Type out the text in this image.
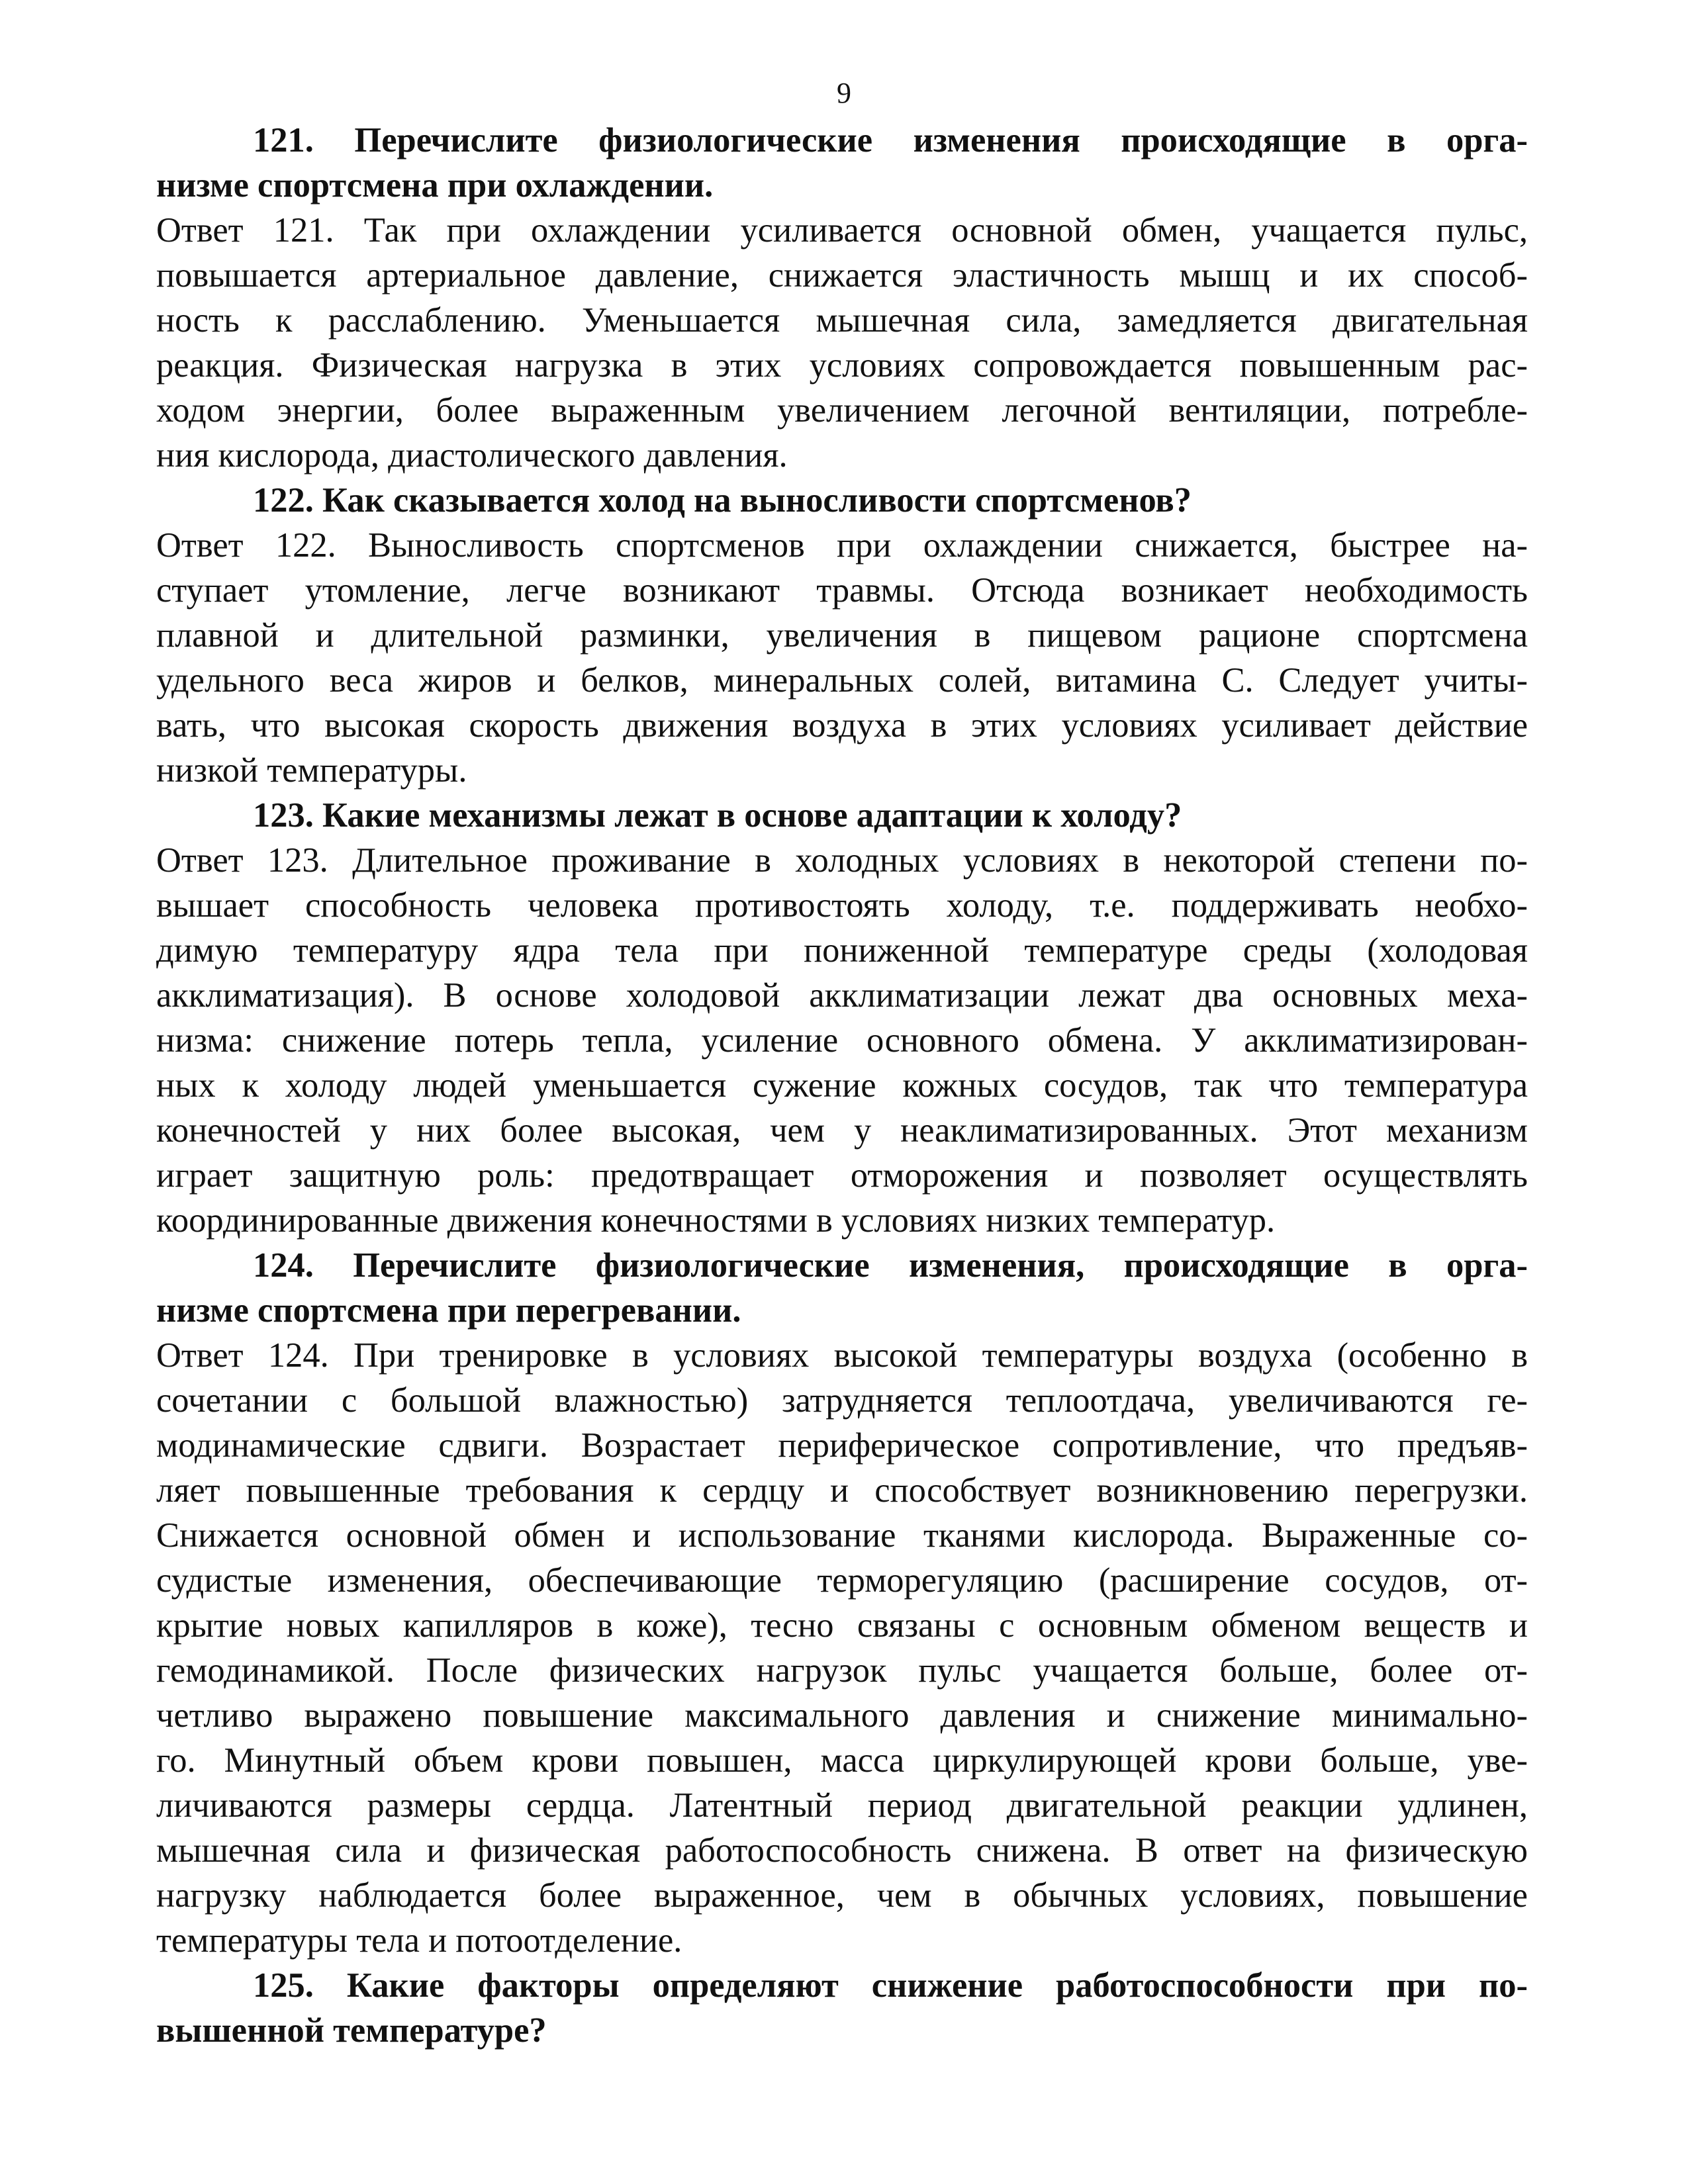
9
121. Перечислите физиологические изменения происходящие в орга-
низме спортсмена при охлаждении.
Ответ 121. Так при охлаждении усиливается основной обмен, учащается пульс,
повышается артериальное давление, снижается эластичность мышц и их способ-
ность к расслаблению. Уменьшается мышечная сила, замедляется двигательная
реакция. Физическая нагрузка в этих условиях сопровождается повышенным рас-
ходом энергии, более выраженным увеличением легочной вентиляции, потребле-
ния кислорода, диастолического давления.
122. Как сказывается холод на выносливости спортсменов?
Ответ 122. Выносливость спортсменов при охлаждении снижается, быстрее на-
ступает утомление, легче возникают травмы. Отсюда возникает необходимость
плавной и длительной разминки, увеличения в пищевом рационе спортсмена
удельного веса жиров и белков, минеральных солей, витамина С. Следует учиты-
вать, что высокая скорость движения воздуха в этих условиях усиливает действие
низкой температуры.
123. Какие механизмы лежат в основе адаптации к холоду?
Ответ 123. Длительное проживание в холодных условиях в некоторой степени по-
вышает способность человека противостоять холоду, т.е. поддерживать необхо-
димую температуру ядра тела при пониженной температуре среды (холодовая
акклиматизация). В основе холодовой акклиматизации лежат два основных меха-
низма: снижение потерь тепла, усиление основного обмена. У акклиматизирован-
ных к холоду людей уменьшается сужение кожных сосудов, так что температура
конечностей у них более высокая, чем у неаклиматизированных. Этот механизм
играет защитную роль: предотвращает отморожения и позволяет осуществлять
координированные движения конечностями в условиях низких температур.
124. Перечислите физиологические изменения, происходящие в орга-
низме спортсмена при перегревании.
Ответ 124. При тренировке в условиях высокой температуры воздуха (особенно в
сочетании с большой влажностью) затрудняется теплоотдача, увеличиваются ге-
модинамические сдвиги. Возрастает периферическое сопротивление, что предъяв-
ляет повышенные требования к сердцу и способствует возникновению перегрузки.
Снижается основной обмен и использование тканями кислорода. Выраженные со-
судистые изменения, обеспечивающие терморегуляцию (расширение сосудов, от-
крытие новых капилляров в коже), тесно связаны с основным обменом веществ и
гемодинамикой. После физических нагрузок пульс учащается больше, более от-
четливо выражено повышение максимального давления и снижение минимально-
го. Минутный объем крови повышен, масса циркулирующей крови больше, уве-
личиваются размеры сердца. Латентный период двигательной реакции удлинен,
мышечная сила и физическая работоспособность снижена. В ответ на физическую
нагрузку наблюдается более выраженное, чем в обычных условиях, повышение
температуры тела и потоотделение.
125. Какие факторы определяют снижение работоспособности при по-
вышенной температуре?
